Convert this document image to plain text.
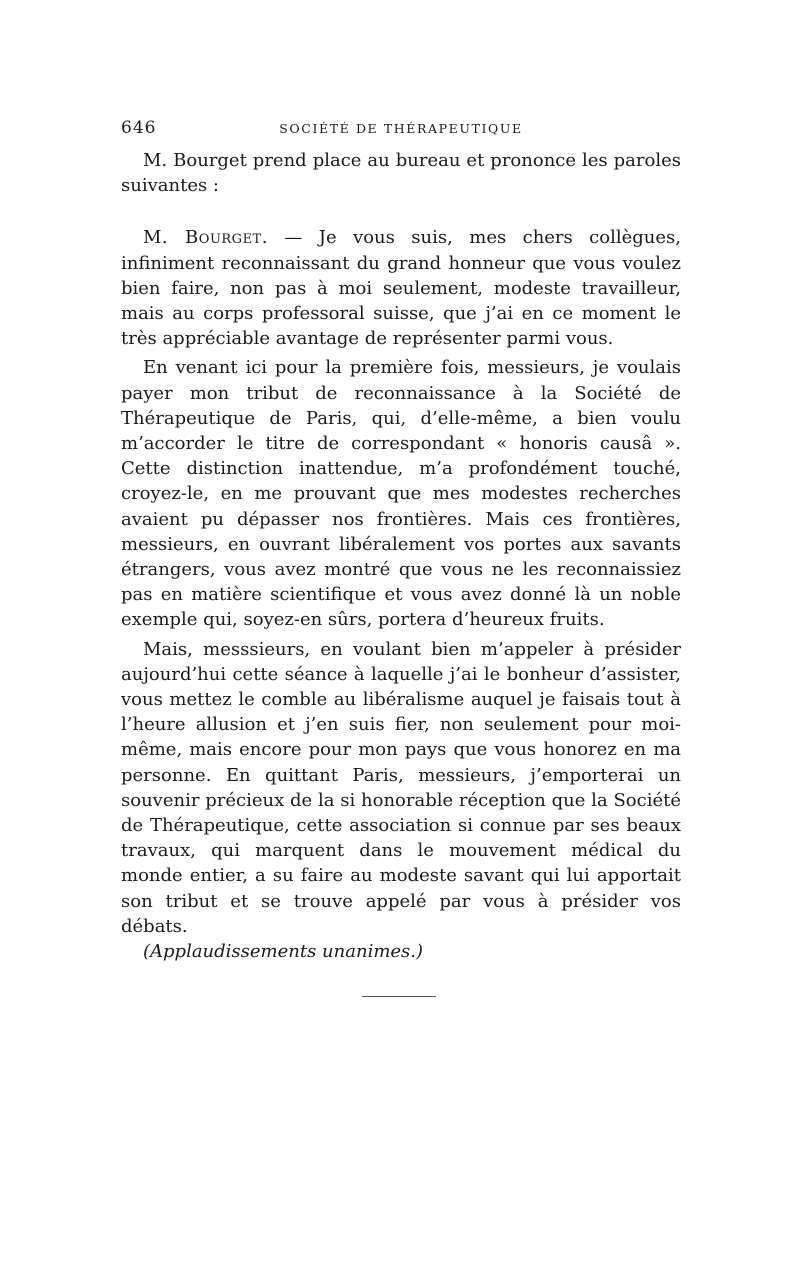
646	SOCIÉTÉ DE THÉRAPEUTIQUE

M. Bourget prend place au bureau et prononce les paroles suivantes :

M. Bourget. — Je vous suis, mes chers collègues, infiniment reconnaissant du grand honneur que vous voulez bien faire, non pas à moi seulement, modeste travailleur, mais au corps professoral suisse, que j’ai en ce moment le très appréciable avantage de représenter parmi vous.

En venant ici pour la première fois, messieurs, je voulais payer mon tribut de reconnaissance à la Société de Thérapeutique de Paris, qui, d’elle-même, a bien voulu m’accorder le titre de correspondant « honoris causâ ». Cette distinction inattendue, m’a profondément touché, croyez-le, en me prouvant que mes modestes recherches avaient pu dépasser nos frontières. Mais ces frontières, messieurs, en ouvrant libéralement vos portes aux savants étrangers, vous avez montré que vous ne les reconnaissiez pas en matière scientifique et vous avez donné là un noble exemple qui, soyez-en sûrs, portera d’heureux fruits.

Mais, messsieurs, en voulant bien m’appeler à présider aujourd’hui cette séance à laquelle j’ai le bonheur d’assister, vous mettez le comble au libéralisme auquel je faisais tout à l’heure allusion et j’en suis fier, non seulement pour moi-même, mais encore pour mon pays que vous honorez en ma personne. En quittant Paris, messieurs, j’emporterai un souvenir précieux de la si honorable réception que la Société de Thérapeutique, cette association si connue par ses beaux travaux, qui marquent dans le mouvement médical du monde entier, a su faire au modeste savant qui lui apportait son tribut et se trouve appelé par vous à présider vos débats.

(Applaudissements unanimes.)
